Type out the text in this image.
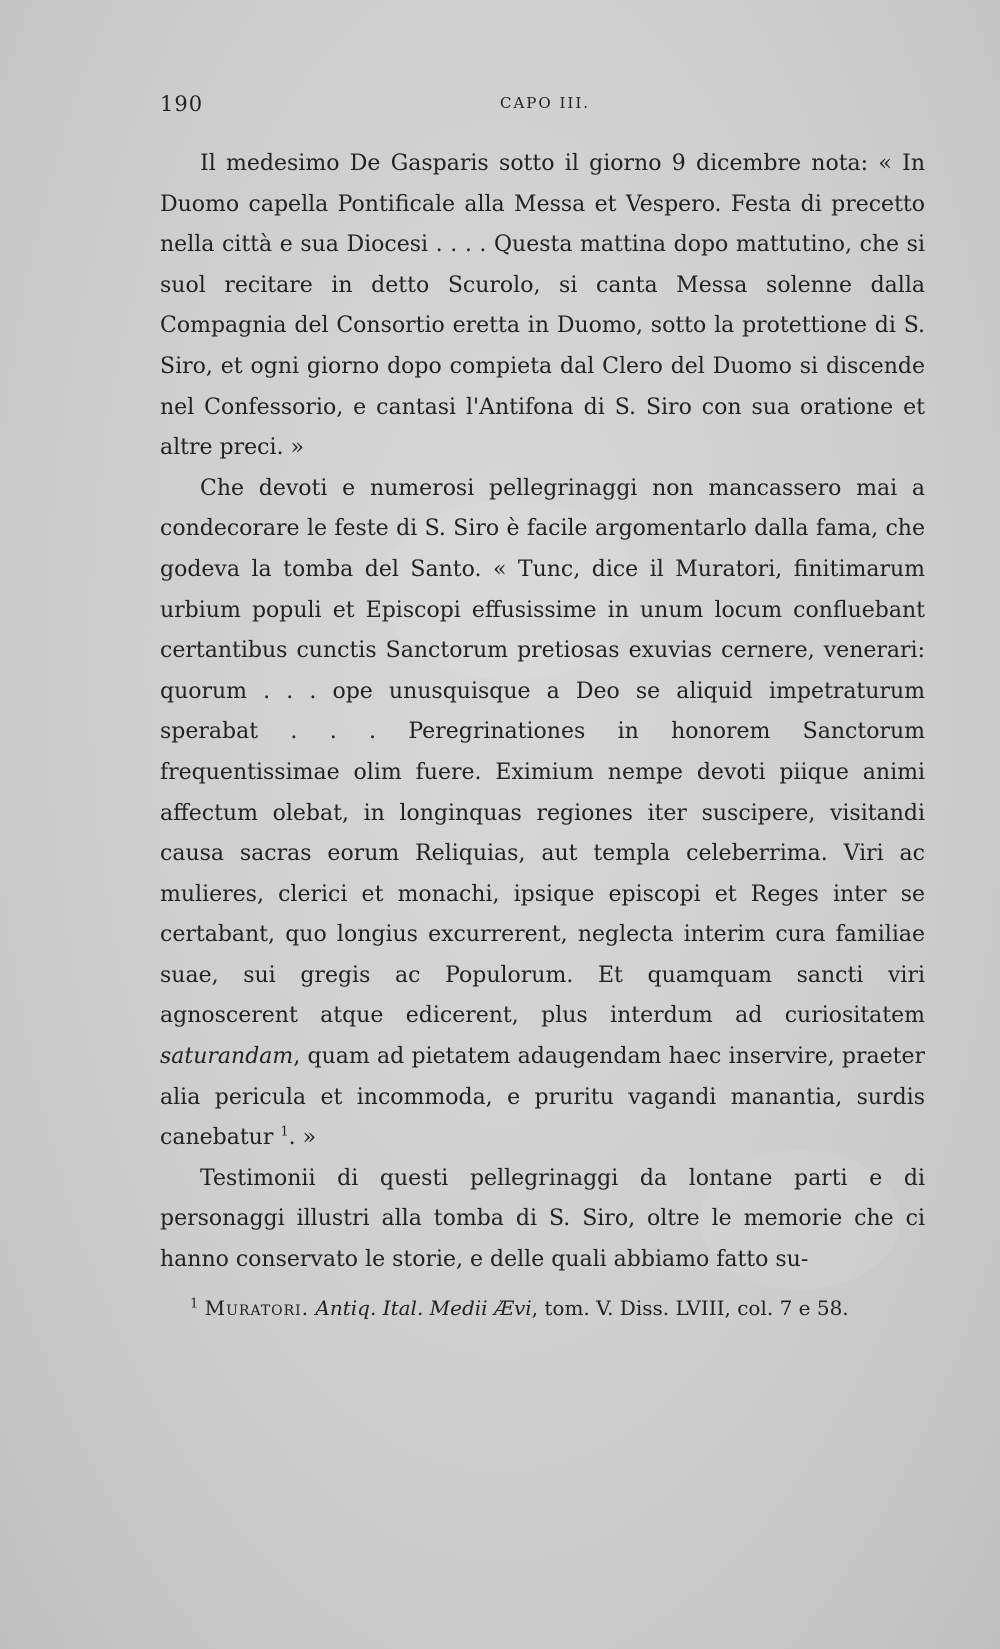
190	CAPO III.

Il medesimo De Gasparis sotto il giorno 9 dicembre nota: « In Duomo capella Pontificale alla Messa et Vespero. Festa di precetto nella città e sua Diocesi . . . . Questa mattina dopo mattutino, che si suol recitare in detto Scurolo, si canta Messa solenne dalla Compagnia del Consortio eretta in Duomo, sotto la protettione di S. Siro, et ogni giorno dopo compieta dal Clero del Duomo si discende nel Confessorio, e cantasi l'Antifona di S. Siro con sua oratione et altre preci. »

Che devoti e numerosi pellegrinaggi non mancassero mai a condecorare le feste di S. Siro è facile argomentarlo dalla fama, che godeva la tomba del Santo. « Tunc, dice il Muratori, finitimarum urbium populi et Episcopi effusissime in unum locum confluebant certantibus cunctis Sanctorum pretiosas exuvias cernere, venerari: quorum . . . ope unusquisque a Deo se aliquid impetraturum sperabat . . . Peregrinationes in honorem Sanctorum frequentissimae olim fuere. Eximium nempe devoti piique animi affectum olebat, in longinquas regiones iter suscipere, visitandi causa sacras eorum Reliquias, aut templa celeberrima. Viri ac mulieres, clerici et monachi, ipsique episcopi et Reges inter se certabant, quo longius excurrerent, neglecta interim cura familiae suae, sui gregis ac Populorum. Et quamquam sancti viri agnoscerent atque edicerent, plus interdum ad curiositatem saturandam, quam ad pietatem adaugendam haec inservire, praeter alia pericula et incommoda, e pruritu vagandi manantia, surdis canebatur $^1$. »

Testimonii di questi pellegrinaggi da lontane parti e di personaggi illustri alla tomba di S. Siro, oltre le memorie che ci hanno conservato le storie, e delle quali abbiamo fatto su-

$^1$ Muratori. Antiq. Ital. Medii Ævi, tom. V. Diss. LVIII, col. 7 e 58.
